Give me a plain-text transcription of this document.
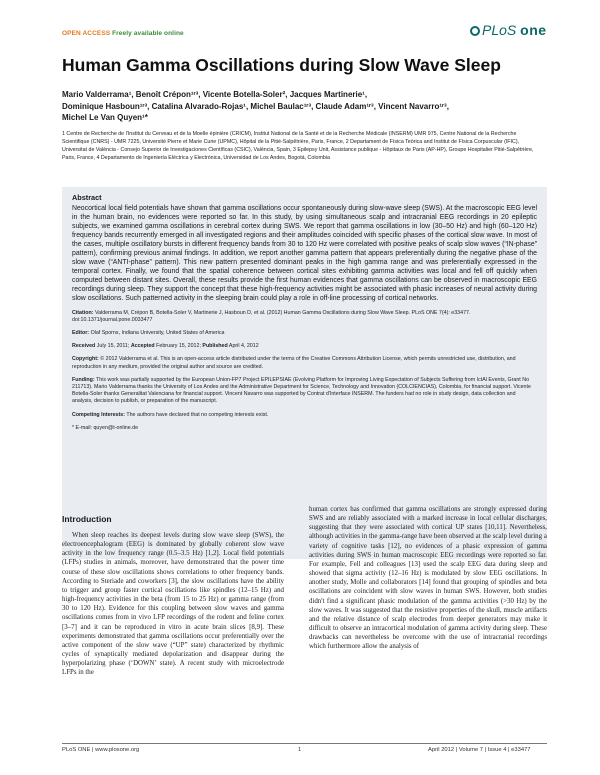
OPEN ACCESS Freely available online	PLoS one
Human Gamma Oscillations during Slow Wave Sleep
Mario Valderrama¹, Benoît Crépon¹ʳ³, Vicente Botella-Soler², Jacques Martinerie¹,
Dominique Hasboun¹ʳ³, Catalina Alvarado-Rojas¹, Michel Baulac¹ʳ³, Claude Adam¹ʳ³, Vincent Navarro¹ʳ³,
Michel Le Van Quyen¹*
1 Centre de Recherche de l'Institut du Cerveau et de la Moelle épinière (CRICM), Institut National de la Santé et de la Recherche Médicale (INSERM) UMR 975, Centre National de la Recherche Scientifique (CNRS) - UMR 7225, Université Pierre et Marie Curie (UPMC), Hôpital de la Pitié-Salpêtrière, Paris, France, 2 Departament de Física Teòrica and Institut de Física Corpuscular (IFIC), Universitat de València - Consejo Superior de Investigaciones Científicas (CSIC), València, Spain, 3 Epilepsy Unit, Assistance publique - Hôpitaux de Paris (AP-HP), Groupe Hospitalier Pitié-Salpêtrière, Paris, France, 4 Departamento de Ingeniería Eléctrica y Electrónica, Universidad de Los Andes, Bogotá, Colombia
Abstract
Neocortical local field potentials have shown that gamma oscillations occur spontaneously during slow-wave sleep (SWS). At the macroscopic EEG level in the human brain, no evidences were reported so far. In this study, by using simultaneous scalp and intracranial EEG recordings in 20 epileptic subjects, we examined gamma oscillations in cerebral cortex during SWS. We report that gamma oscillations in low (30–50 Hz) and high (60–120 Hz) frequency bands recurrently emerged in all investigated regions and their amplitudes coincided with specific phases of the cortical slow wave. In most of the cases, multiple oscillatory bursts in different frequency bands from 30 to 120 Hz were correlated with positive peaks of scalp slow waves (“IN-phase” pattern), confirming previous animal findings. In addition, we report another gamma pattern that appears preferentially during the negative phase of the slow wave (“ANTI-phase” pattern). This new pattern presented dominant peaks in the high gamma range and was preferentially expressed in the temporal cortex. Finally, we found that the spatial coherence between cortical sites exhibiting gamma activities was local and fell off quickly when computed between distant sites. Overall, these results provide the first human evidences that gamma oscillations can be observed in macroscopic EEG recordings during sleep. They support the concept that these high-frequency activities might be associated with phasic increases of neural activity during slow oscillations. Such patterned activity in the sleeping brain could play a role in off-line processing of cortical networks.
Citation: Valderrama M, Crépon B, Botella-Soler V, Martinerie J, Hasboun D, et al. (2012) Human Gamma Oscillations during Slow Wave Sleep. PLoS ONE 7(4): e33477. doi:10.1371/journal.pone.0033477
Editor: Olaf Sporns, Indiana University, United States of America
Received July 15, 2011; Accepted February 15, 2012; Published April 4, 2012
Copyright: © 2012 Valderrama et al. This is an open-access article distributed under the terms of the Creative Commons Attribution License, which permits unrestricted use, distribution, and reproduction in any medium, provided the original author and source are credited.
Funding: This work was partially supported by the European Union-FP7 Project EPILEPSIAE (Evolving Platform for Improving Living Expectation of Subjects Suffering from IctAl Events, Grant No 211713). Mario Valderrama thanks the University of Los Andes and the Administrative Department for Science, Technology and Innovation (COLCIENCIAS), Colombia, for financial support. Vicente Botella-Soler thanks Generalitat Valenciana for financial support. Vincent Navarro was supported by Contrat d'Interface INSERM. The funders had no role in study design, data collection and analysis, decision to publish, or preparation of the manuscript.
Competing Interests: The authors have declared that no competing interests exist.
* E-mail: quyen@t-online.de
Introduction
When sleep reaches its deepest levels during slow wave sleep (SWS), the electroencephalogram (EEG) is dominated by globally coherent slow wave activity in the low frequency range (0.5–3.5 Hz) [1,2]. Local field potentials (LFPs) studies in animals, moreover, have demonstrated that the power time course of these slow oscillations shows correlations to other frequency bands. According to Steriade and coworkers [3], the slow oscillations have the ability to trigger and group faster cortical oscillations like spindles (12–15 Hz) and high-frequency activities in the beta (from 15 to 25 Hz) or gamma range (from 30 to 120 Hz). Evidence for this coupling between slow waves and gamma oscillations comes from in vivo LFP recordings of the rodent and feline cortex [3–7] and it can be reproduced in vitro in acute brain slices [8,9]. These experiments demonstrated that gamma oscillations occur preferentially over the active component of the slow wave (“UP” state) characterized by rhythmic cycles of synaptically mediated depolarization and disappear during the hyperpolarizing phase (‘DOWN’ state). A recent study with microelectrode LFPs in the

human cortex has confirmed that gamma oscillations are strongly expressed during SWS and are reliably associated with a marked increase in local cellular discharges, suggesting that they were associated with cortical UP states [10,11]. Nevertheless, although activities in the gamma-range have been observed at the scalp level during a variety of cognitive tasks [12], no evidences of a phasic expression of gamma activities during SWS in human macroscopic EEG recordings were reported so far. For example, Fell and colleagues [13] used the scalp EEG data during sleep and showed that sigma activity (12–16 Hz) is modulated by slow EEG oscillations. In another study, Molle and collaborators [14] found that grouping of spindles and beta oscillations are coincident with slow waves in human SWS. However, both studies didn't find a significant phasic modulation of the gamma activities (>30 Hz) by the slow waves. It was suggested that the resistive properties of the skull, muscle artifacts and the relative distance of scalp electrodes from deeper generators may make it difficult to observe an intracortical modulation of gamma activity during sleep. These drawbacks can nevertheless be overcome with the use of intracranial recordings which furthermore allow the analysis of

PLoS ONE | www.plosone.org	1	April 2012 | Volume 7 | Issue 4 | e33477
